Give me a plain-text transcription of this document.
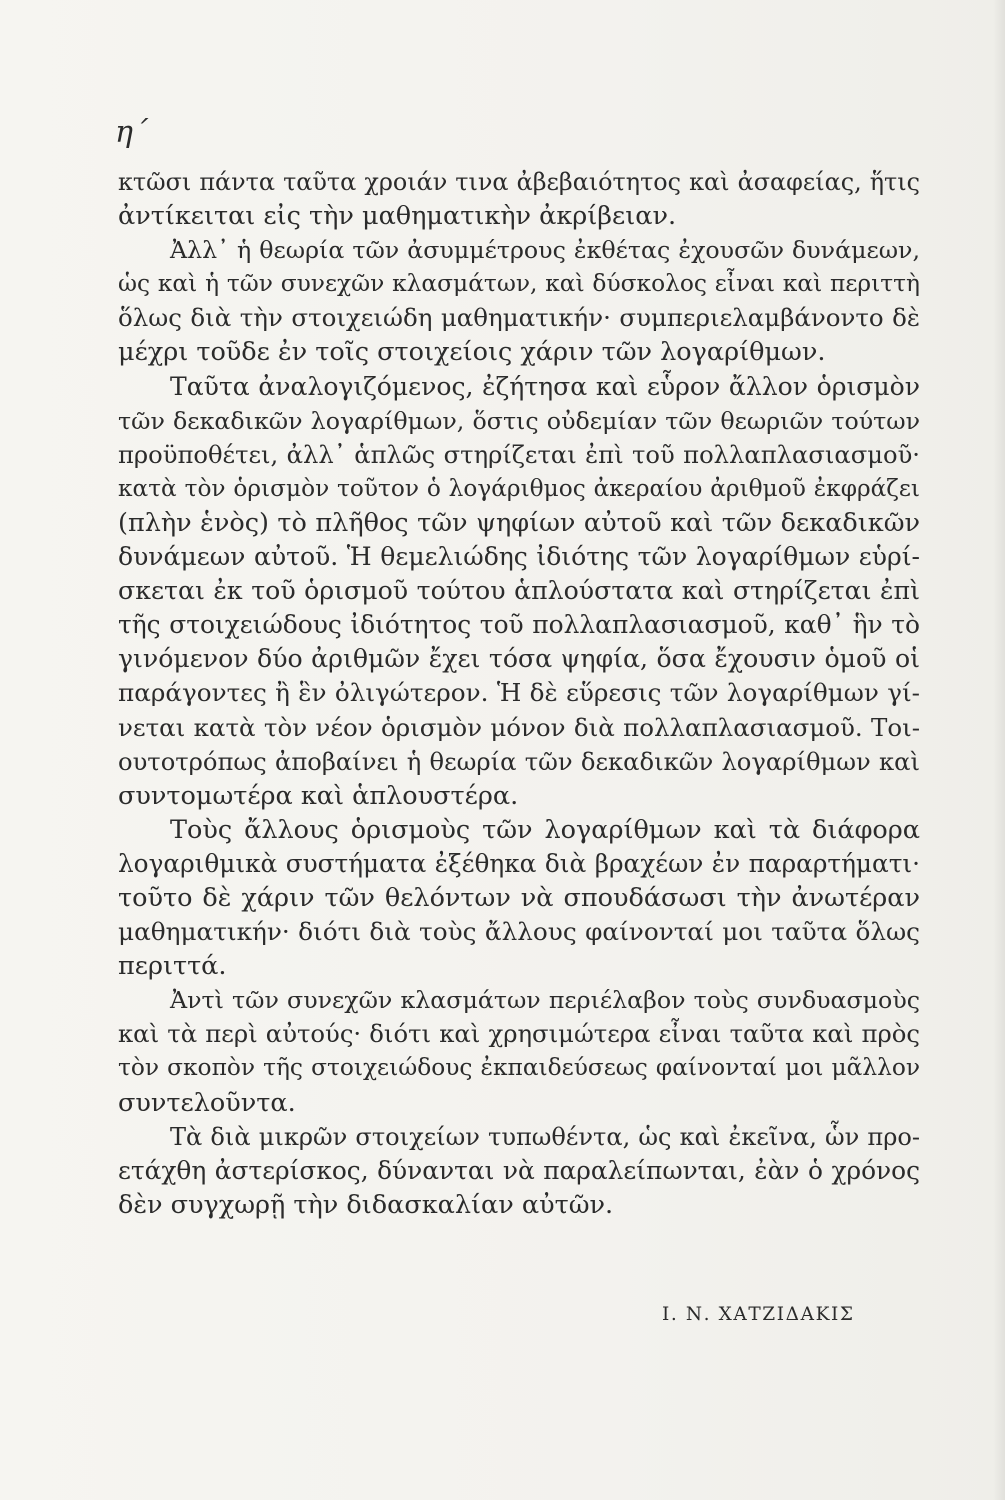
η΄
κτῶσι πάντα ταῦτα χροιάν τινα ἀβεβαιότητος καὶ ἀσαφείας, ἥτις
ἀντίκειται εἰς τὴν μαθηματικὴν ἀκρίβειαν.
Ἀλλ᾽ ἡ θεωρία τῶν ἀσυμμέτρους ἐκθέτας ἐχουσῶν δυνάμεων,
ὡς καὶ ἡ τῶν συνεχῶν κλασμάτων, καὶ δύσκολος εἶναι καὶ περιττὴ
ὅλως διὰ τὴν στοιχειώδη μαθηματικήν· συμπεριελαμβάνοντο δὲ
μέχρι τοῦδε ἐν τοῖς στοιχείοις χάριν τῶν λογαρίθμων.
Ταῦτα ἀναλογιζόμενος, ἐζήτησα καὶ εὗρον ἄλλον ὁρισμὸν
τῶν δεκαδικῶν λογαρίθμων, ὅστις οὐδεμίαν τῶν θεωριῶν τούτων
προϋποθέτει, ἀλλ᾽ ἁπλῶς στηρίζεται ἐπὶ τοῦ πολλαπλασιασμοῦ·
κατὰ τὸν ὁρισμὸν τοῦτον ὁ λογάριθμος ἀκεραίου ἀριθμοῦ ἐκφράζει
(πλὴν ἑνὸς) τὸ πλῆθος τῶν ψηφίων αὐτοῦ καὶ τῶν δεκαδικῶν
δυνάμεων αὐτοῦ. Ἡ θεμελιώδης ἰδιότης τῶν λογαρίθμων εὑρί-
σκεται ἐκ τοῦ ὁρισμοῦ τούτου ἁπλούστατα καὶ στηρίζεται ἐπὶ
τῆς στοιχειώδους ἰδιότητος τοῦ πολλαπλασιασμοῦ, καθ᾽ ἣν τὸ
γινόμενον δύο ἀριθμῶν ἔχει τόσα ψηφία, ὅσα ἔχουσιν ὁμοῦ οἱ
παράγοντες ἢ ἓν ὀλιγώτερον. Ἡ δὲ εὕρεσις τῶν λογαρίθμων γί-
νεται κατὰ τὸν νέον ὁρισμὸν μόνον διὰ πολλαπλασιασμοῦ. Τοι-
ουτοτρόπως ἀποβαίνει ἡ θεωρία τῶν δεκαδικῶν λογαρίθμων καὶ
συντομωτέρα καὶ ἁπλουστέρα.
Τοὺς ἄλλους ὁρισμοὺς τῶν λογαρίθμων καὶ τὰ διάφορα
λογαριθμικὰ συστήματα ἐξέθηκα διὰ βραχέων ἐν παραρτήματι·
τοῦτο δὲ χάριν τῶν θελόντων νὰ σπουδάσωσι τὴν ἀνωτέραν
μαθηματικήν· διότι διὰ τοὺς ἄλλους φαίνονταί μοι ταῦτα ὅλως
περιττά.
Ἀντὶ τῶν συνεχῶν κλασμάτων περιέλαβον τοὺς συνδυασμοὺς
καὶ τὰ περὶ αὐτούς· διότι καὶ χρησιμώτερα εἶναι ταῦτα καὶ πρὸς
τὸν σκοπὸν τῆς στοιχειώδους ἐκπαιδεύσεως φαίνονταί μοι μᾶλλον
συντελοῦντα.
Τὰ διὰ μικρῶν στοιχείων τυπωθέντα, ὡς καὶ ἐκεῖνα, ὧν προ-
ετάχθη ἀστερίσκος, δύνανται νὰ παραλείπωνται, ἐὰν ὁ χρόνος
δὲν συγχωρῇ τὴν διδασκαλίαν αὐτῶν.
Ι. Ν. ΧΑΤΖΙΔΑΚΙΣ
